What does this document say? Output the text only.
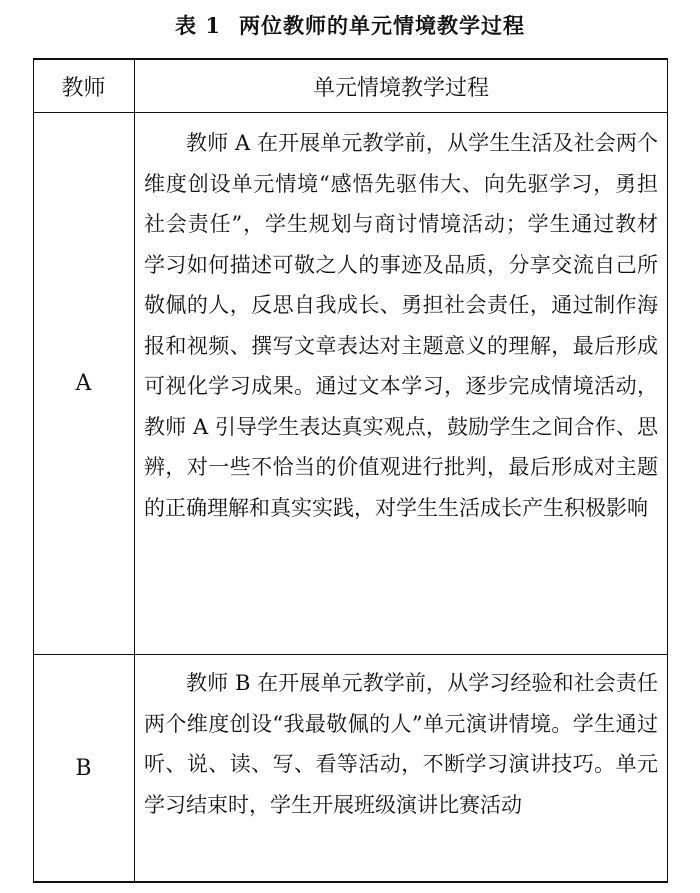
表 1 两位教师的单元情境教学过程
教师	单元情境教学过程
A

教师 A 在开展单元教学前，从学生生活及社会两个维度创设单元情境“感悟先驱伟大、向先驱学习，勇担社会责任”，学生规划与商讨情境活动；学生通过教材学习如何描述可敬之人的事迹及品质，分享交流自己所敬佩的人，反思自我成长、勇担社会责任，通过制作海报和视频、撰写文章表达对主题意义的理解，最后形成可视化学习成果。通过文本学习，逐步完成情境活动，教师 A 引导学生表达真实观点，鼓励学生之间合作、思辨，对一些不恰当的价值观进行批判，最后形成对主题的正确理解和真实实践，对学生生活成长产生积极影响

B

教师 B 在开展单元教学前，从学习经验和社会责任两个维度创设“我最敬佩的人”单元演讲情境。学生通过听、说、读、写、看等活动，不断学习演讲技巧。单元学习结束时，学生开展班级演讲比赛活动
